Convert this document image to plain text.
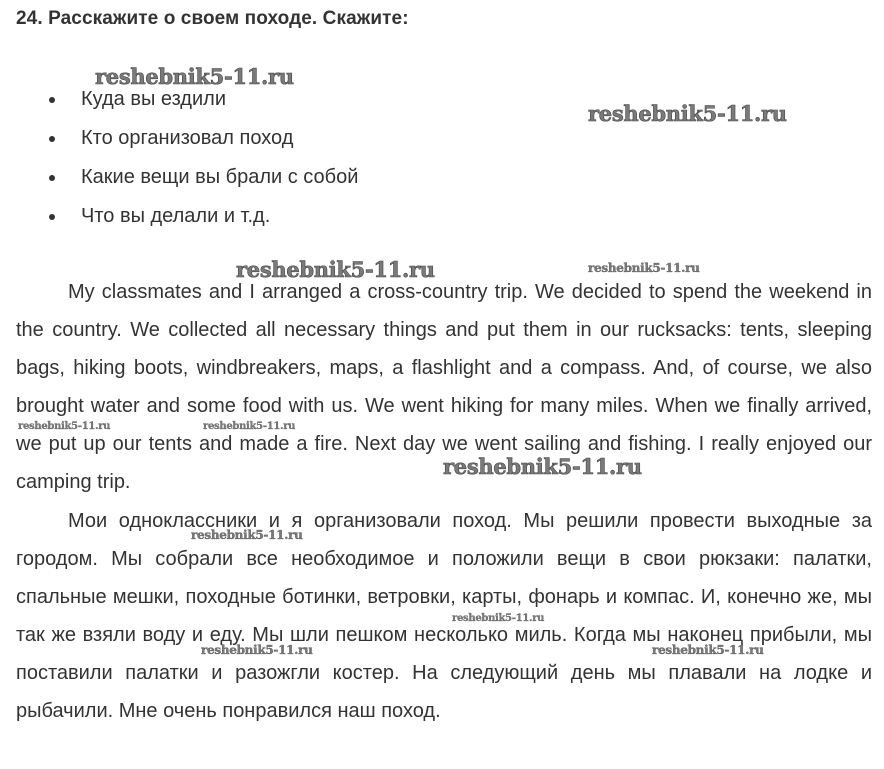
24. Расскажите о своем походе. Скажите:
Куда вы ездили
Кто организовал поход
Какие вещи вы брали с собой
Что вы делали и т.д.

My classmates and I arranged a cross-country trip. We decided to spend the weekend in the country. We collected all necessary things and put them in our rucksacks: tents, sleeping bags, hiking boots, windbreakers, maps, a flashlight and a compass. And, of course, we also brought water and some food with us. We went hiking for many miles. When we finally arrived, we put up our tents and made a fire. Next day we went sailing and fishing. I really enjoyed our camping trip.

Мои одноклассники и я организовали поход. Мы решили провести выходные за городом. Мы собрали все необходимое и положили вещи в свои рюкзаки: палатки, спальные мешки, походные ботинки, ветровки, карты, фонарь и компас. И, конечно же, мы так же взяли воду и еду. Мы шли пешком несколько миль. Когда мы наконец прибыли, мы поставили палатки и разожгли костер. На следующий день мы плавали на лодке и рыбачили. Мне очень понравился наш поход.

reshebnik5-11.ru
reshebnik5-11.ru
reshebnik5-11.ru	reshebnik5-11.ru
reshebnik5-11.ru	reshebnik5-11.ru
reshebnik5-11.ru
reshebnik5-11.ru
reshebnik5-11.ru
reshebnik5-11.ru	reshebnik5-11.ru
